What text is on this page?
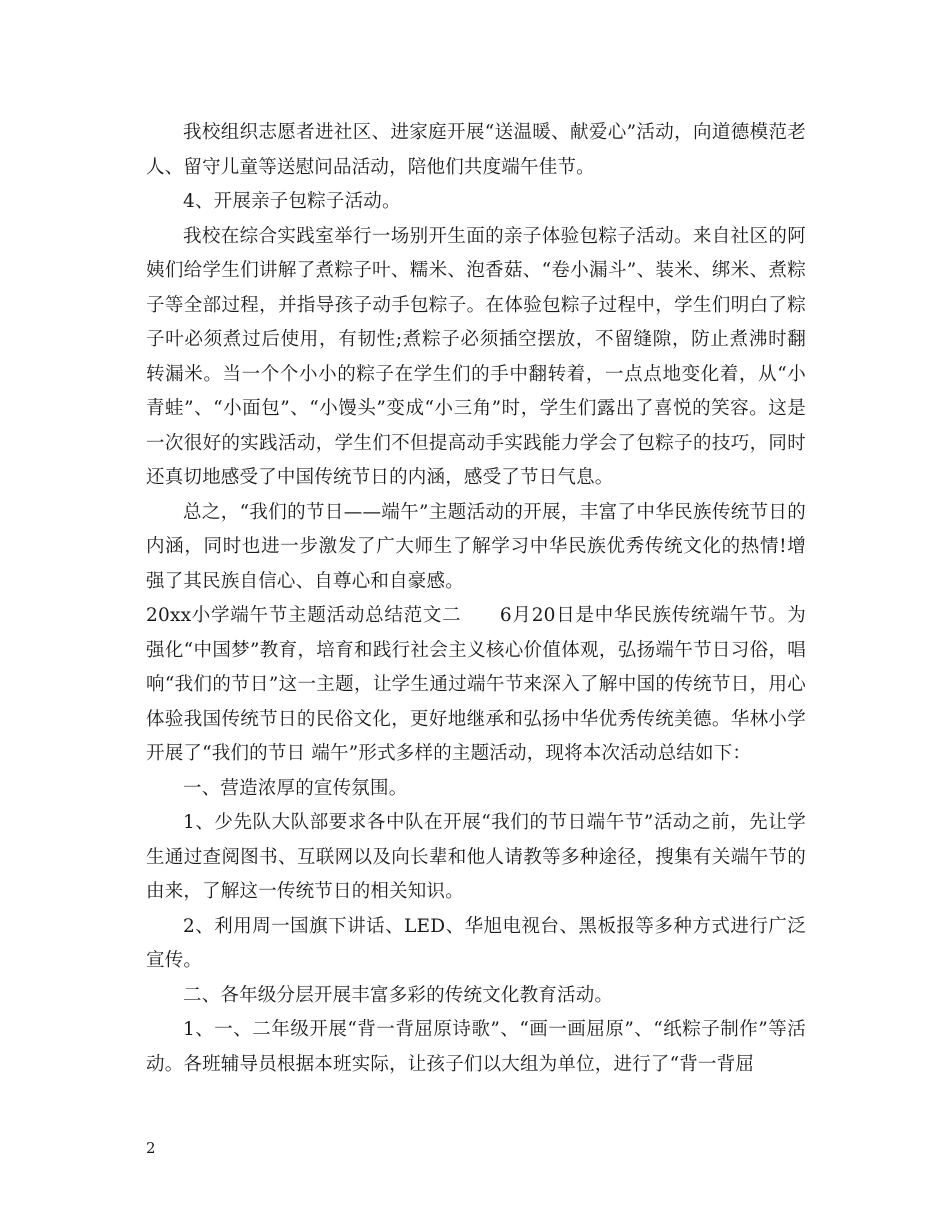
我校组织志愿者进社区、进家庭开展“送温暖、献爱心”活动，向道德模范老人、留守儿童等送慰问品活动，陪他们共度端午佳节。

4、开展亲子包粽子活动。

我校在综合实践室举行一场别开生面的亲子体验包粽子活动。来自社区的阿姨们给学生们讲解了煮粽子叶、糯米、泡香菇、“卷小漏斗”、装米、绑米、煮粽子等全部过程，并指导孩子动手包粽子。在体验包粽子过程中，学生们明白了粽子叶必须煮过后使用，有韧性;煮粽子必须插空摆放，不留缝隙，防止煮沸时翻转漏米。当一个个小小的粽子在学生们的手中翻转着，一点点地变化着，从“小青蛙”、“小面包”、“小馒头”变成“小三角”时，学生们露出了喜悦的笑容。这是一次很好的实践活动，学生们不但提高动手实践能力学会了包粽子的技巧，同时还真切地感受了中国传统节日的内涵，感受了节日气息。

总之，“我们的节日——端午”主题活动的开展，丰富了中华民族传统节日的内涵，同时也进一步激发了广大师生了解学习中华民族优秀传统文化的热情!增强了其民族自信心、自尊心和自豪感。

20xx小学端午节主题活动总结范文二　　6月20日是中华民族传统端午节。为强化“中国梦”教育，培育和践行社会主义核心价值体观，弘扬端午节日习俗，唱响“我们的节日”这一主题，让学生通过端午节来深入了解中国的传统节日，用心体验我国传统节日的民俗文化，更好地继承和弘扬中华优秀传统美德。华林小学开展了“我们的节日 端午”形式多样的主题活动，现将本次活动总结如下：

一、营造浓厚的宣传氛围。

1、少先队大队部要求各中队在开展“我们的节日端午节”活动之前，先让学生通过查阅图书、互联网以及向长辈和他人请教等多种途径，搜集有关端午节的由来，了解这一传统节日的相关知识。

2、利用周一国旗下讲话、LED、华旭电视台、黑板报等多种方式进行广泛宣传。

二、各年级分层开展丰富多彩的传统文化教育活动。

1、一、二年级开展“背一背屈原诗歌”、“画一画屈原”、“纸粽子制作”等活动。各班辅导员根据本班实际，让孩子们以大组为单位，进行了“背一背屈

2
